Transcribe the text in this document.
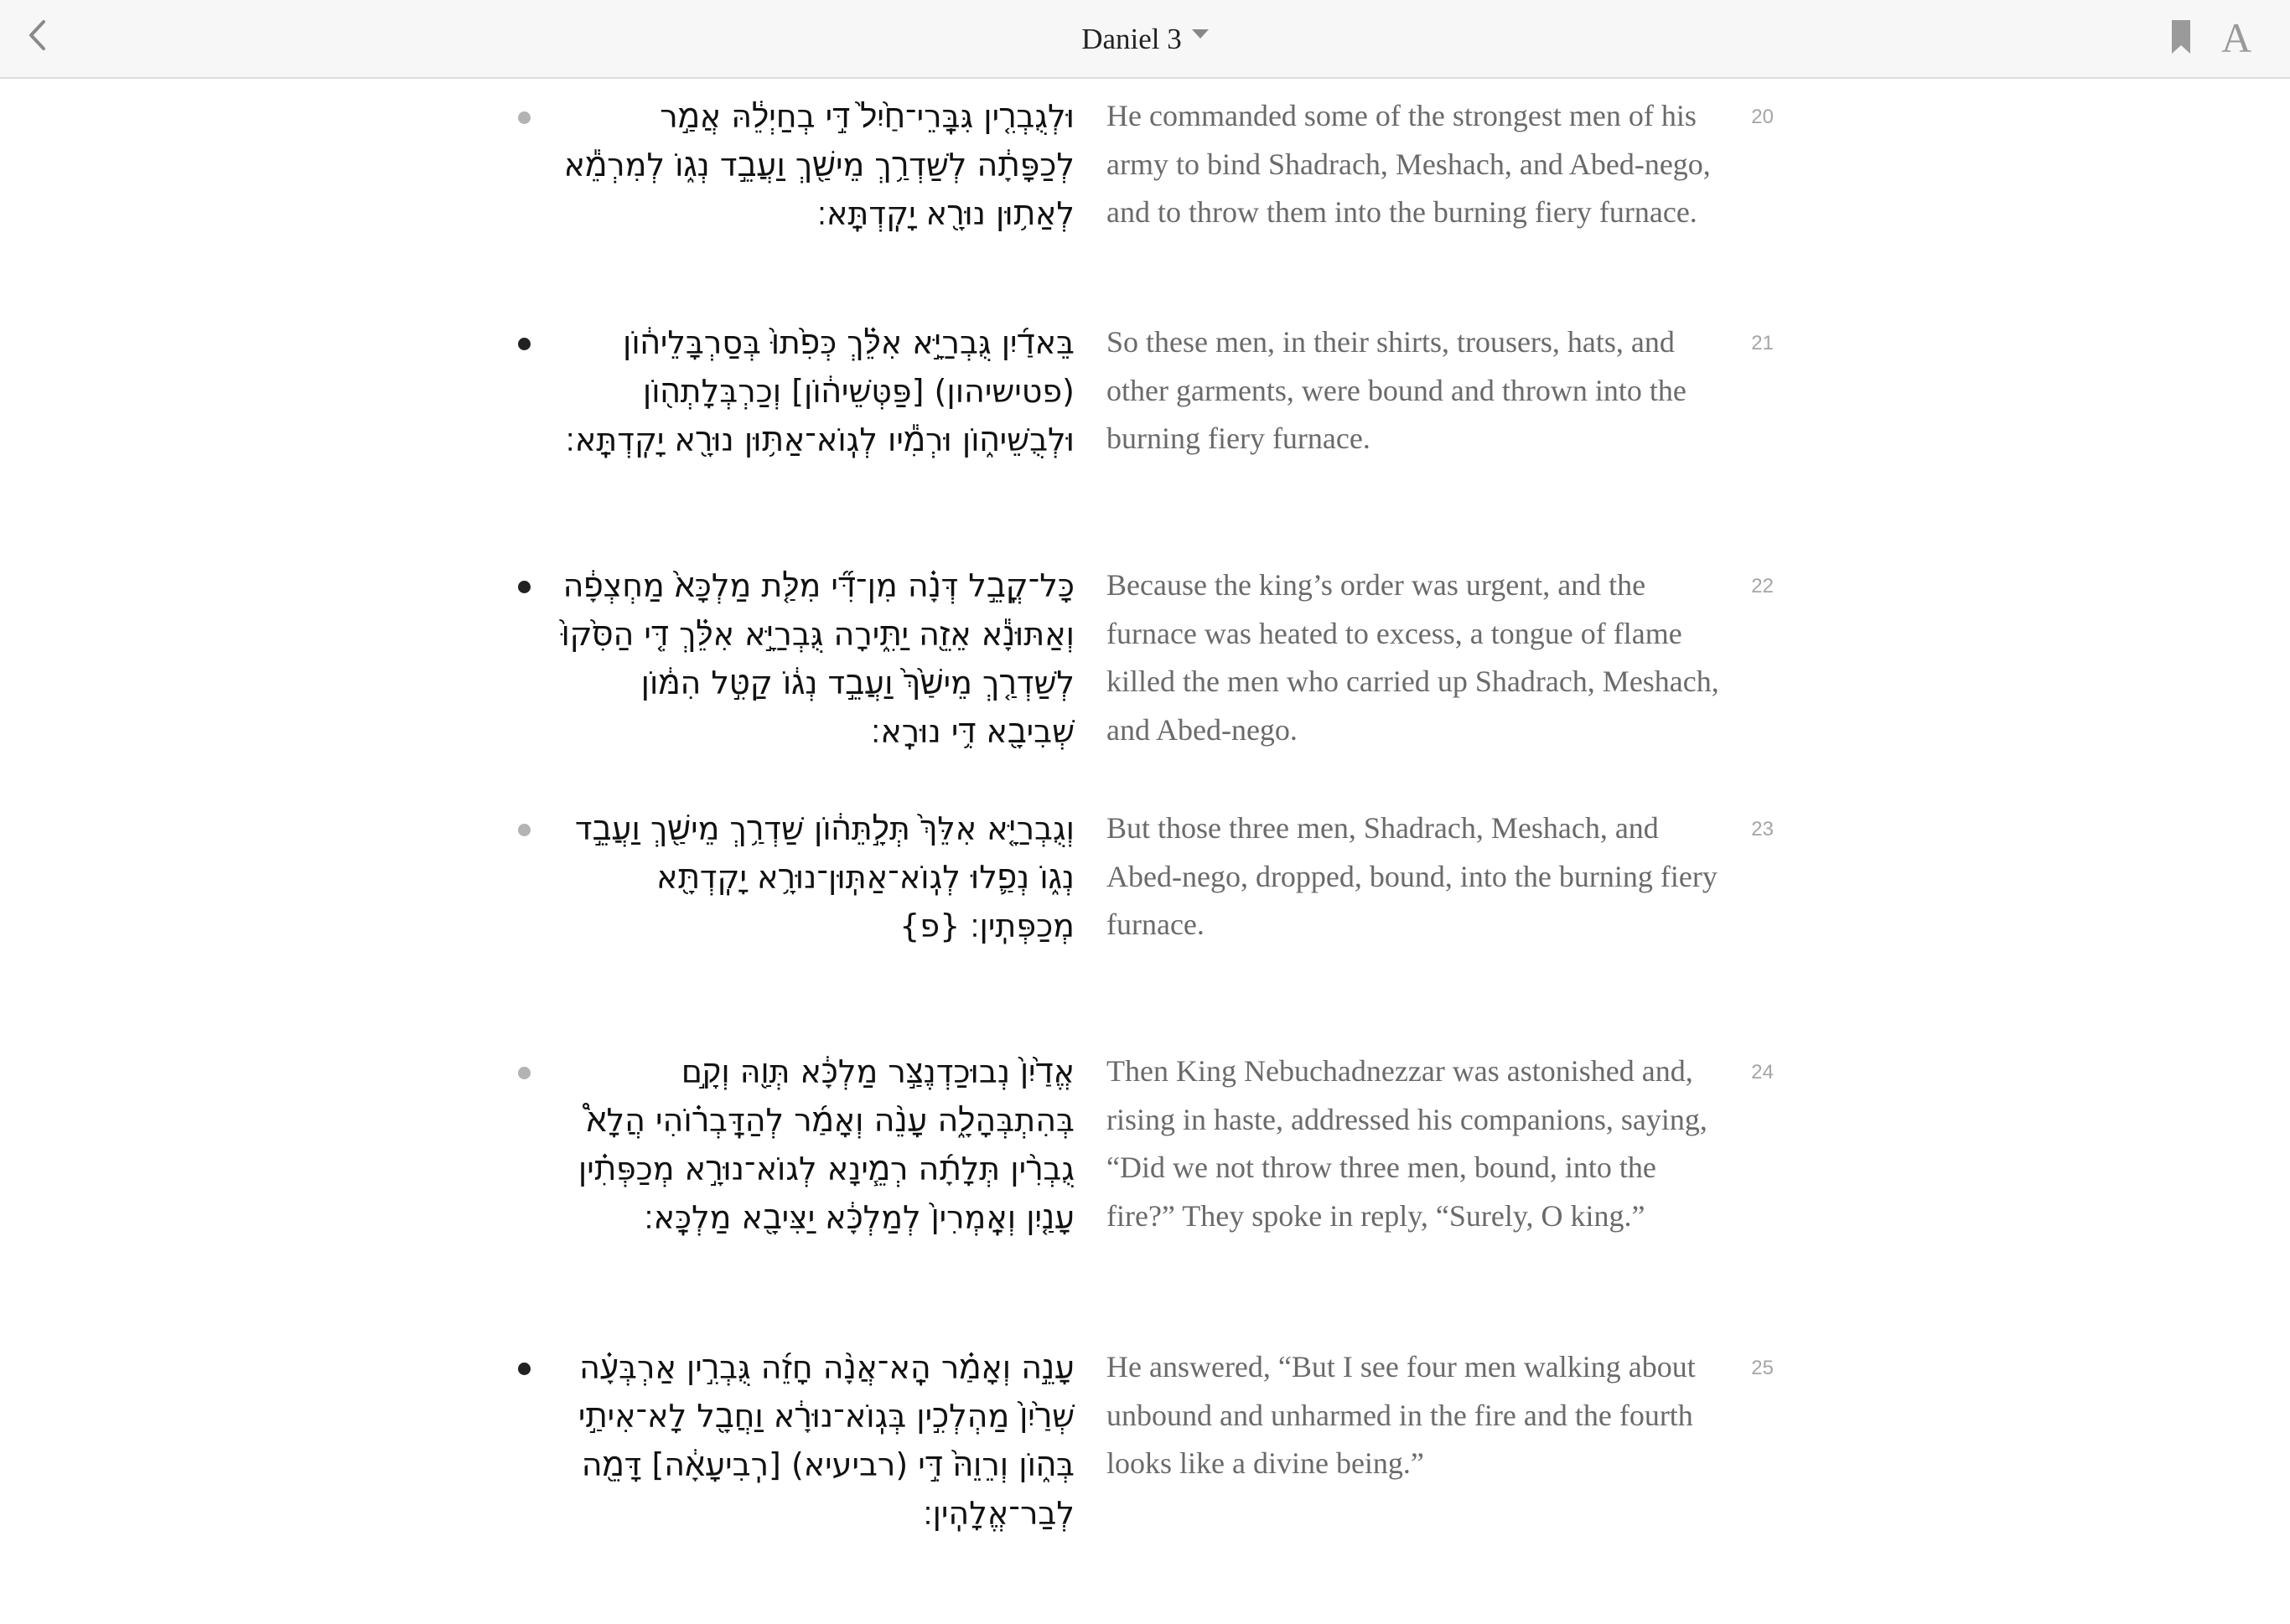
Daniel 3	A
וּלְגֻבְרִ֤ין גִּבָּֽרֵי־חַ֙יִל֙ דִּ֣י בְחַיְלֵ֔הּ אֲמַ֣ר לְכַפָּתָ֔ה לְשַׁדְרַ֥ךְ מֵישַׁ֖ךְ וַעֲבֵ֣ד נְג֑וֹ לְמִרְמֵ֕א לְאַת֥וּן נוּרָ֖א יָקִֽדְתָּֽא׃
He commanded some of the strongest men of his army to bind Shadrach, Meshach, and Abed-nego, and to throw them into the burning fiery furnace.
20
בֵּאדַ֜יִן גֻּבְרַיָּ֣א אִלֵּ֗ךְ כְּפִ֙תוּ֙ בְּסַרְבָּלֵיה֔וֹן (פטישיהון) [פַּטְּשֵׁיה֔וֹן] וְכַרְבְּלָתְה֖וֹן וּלְבֻשֵׁיה֑וֹן וּרְמִ֕יו לְגֽוֹא־אַתּ֥וּן נוּרָ֖א יָקִֽדְתָּֽא׃
So these men, in their shirts, trousers, hats, and other garments, were bound and thrown into the burning fiery furnace.
21
כָּל־קֳבֵ֣ל דְּנָ֗ה מִן־דִּ֞י מִלַּ֤ת מַלְכָּא֙ מַחְצְפָ֔ה וְאַתּוּנָ֕א אֵזֵ֖ה יַתִּ֑ירָה גֻּבְרַיָּ֣א אִלֵּ֗ךְ דִּ֤י הַסִּ֙קוּ֙ לְשַׁדְרַ֤ךְ מֵישַׁ֙ךְ֙ וַעֲבֵ֣ד נְג֔וֹ קַטִּ֣ל הִמּ֔וֹן שְׁבִיבָ֖א דִּ֥י נוּרָֽא׃
Because the king’s order was urgent, and the furnace was heated to excess, a tongue of flame killed the men who carried up Shadrach, Meshach, and Abed-nego.
22
וְגֻבְרַיָּ֤א אִלֵּךְ֙ תְּלָ֣תֵּה֔וֹן שַׁדְרַ֥ךְ מֵישַׁ֖ךְ וַעֲבֵ֣ד נְג֑וֹ נְפַ֛לוּ לְגֽוֹא־אַתּֽוּן־נוּרָ֥א יָקִֽדְתָּ֖א מְכַפְּתִֽין׃ {פ}
But those three men, Shadrach, Meshach, and Abed-nego, dropped, bound, into the burning fiery furnace.
23
אֱדַ֙יִן֙ נְבוּכַדְנֶצַּ֣ר מַלְכָּ֔א תְּוַ֖הּ וְקָ֣ם בְּהִתְבְּהָלָ֑ה עָנֵ֨ה וְאָמַ֜ר לְהַדָּֽבְר֗וֹהִי הֲלָא֩ גֻבְרִ֨ין תְּלָתָ֜ה רְמֵ֧ינָא לְגוֹא־נוּרָ֣א מְכַפְּתִ֗ין עָנַ֤יִן וְאָֽמְרִין֙ לְמַלְכָּ֔א יַצִּיבָ֖א מַלְכָּֽא׃
Then King Nebuchadnezzar was astonished and, rising in haste, addressed his companions, saying, “Did we not throw three men, bound, into the fire?” They spoke in reply, “Surely, O king.”
24
עָנֵ֣ה וְאָמַ֗ר הָֽא־אֲנָ֨ה חָזֵ֜ה גֻּבְרִ֣ין אַרְבְּעָ֗ה שְׁרַ֙יִן֙ מַהְלְכִ֣ין בְּגֽוֹא־נוּרָ֔א וַחֲבָ֖ל לָא־אִיתַ֣י בְּה֑וֹן וְרֵוֵהּ֙ דִּ֣י (רביעיא) [רְֽבִיעָאָ֔ה] דָּמֵ֖ה לְבַר־אֱלָהִֽין׃
He answered, “But I see four men walking about unbound and unharmed in the fire and the fourth looks like a divine being.”
25
